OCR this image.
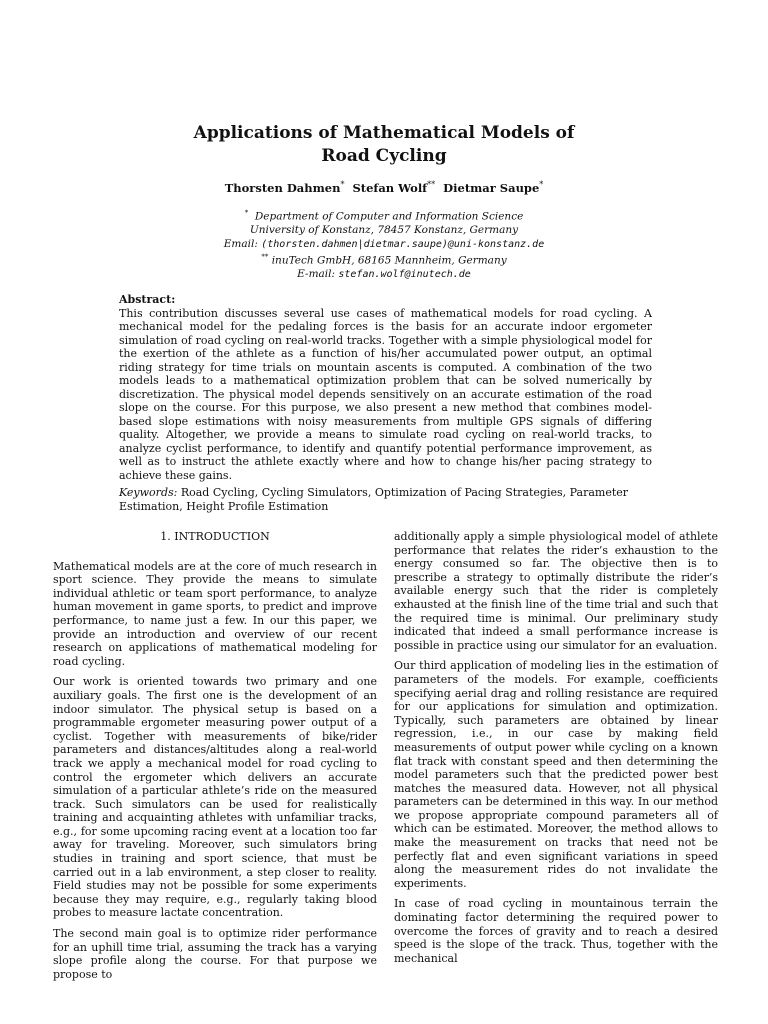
Applications of Mathematical Models of
Road Cycling
Thorsten Dahmen* Stefan Wolf** Dietmar Saupe*
* Department of Computer and Information Science
University of Konstanz, 78457 Konstanz, Germany
Email: (thorsten.dahmen|dietmar.saupe)@uni-konstanz.de
** inuTech GmbH, 68165 Mannheim, Germany
E-mail: stefan.wolf@inutech.de
Abstract:
This contribution discusses several use cases of mathematical models for road cycling. A mechanical model for the pedaling forces is the basis for an accurate indoor ergometer simulation of road cycling on real-world tracks. Together with a simple physiological model for the exertion of the athlete as a function of his/her accumulated power output, an optimal riding strategy for time trials on mountain ascents is computed. A combination of the two models leads to a mathematical optimization problem that can be solved numerically by discretization. The physical model depends sensitively on an accurate estimation of the road slope on the course. For this purpose, we also present a new method that combines model-based slope estimations with noisy measurements from multiple GPS signals of differing quality. Altogether, we provide a means to simulate road cycling on real-world tracks, to analyze cyclist performance, to identify and quantify potential performance improvement, as well as to instruct the athlete exactly where and how to change his/her pacing strategy to achieve these gains.
Keywords: Road Cycling, Cycling Simulators, Optimization of Pacing Strategies, Parameter Estimation, Height Profile Estimation
1. INTRODUCTION

Mathematical models are at the core of much research in sport science. They provide the means to simulate individual athletic or team sport performance, to analyze human movement in game sports, to predict and improve performance, to name just a few. In our this paper, we provide an introduction and overview of our recent research on applications of mathematical modeling for road cycling.

Our work is oriented towards two primary and one auxiliary goals. The first one is the development of an indoor simulator. The physical setup is based on a programmable ergometer measuring power output of a cyclist. Together with measurements of bike/rider parameters and distances/altitudes along a real-world track we apply a mechanical model for road cycling to control the ergometer which delivers an accurate simulation of a particular athlete’s ride on the measured track. Such simulators can be used for realistically training and acquainting athletes with unfamiliar tracks, e.g., for some upcoming racing event at a location too far away for traveling. Moreover, such simulators bring studies in training and sport science, that must be carried out in a lab environment, a step closer to reality. Field studies may not be possible for some experiments because they may require, e.g., regularly taking blood probes to measure lactate concentration.

The second main goal is to optimize rider performance for an uphill time trial, assuming the track has a varying slope profile along the course. For that purpose we propose to

additionally apply a simple physiological model of athlete performance that relates the rider’s exhaustion to the energy consumed so far. The objective then is to prescribe a strategy to optimally distribute the rider’s available energy such that the rider is completely exhausted at the finish line of the time trial and such that the required time is minimal. Our preliminary study indicated that indeed a small performance increase is possible in practice using our simulator for an evaluation.

Our third application of modeling lies in the estimation of parameters of the models. For example, coefficients specifying aerial drag and rolling resistance are required for our applications for simulation and optimization. Typically, such parameters are obtained by linear regression, i.e., in our case by making field measurements of output power while cycling on a known flat track with constant speed and then determining the model parameters such that the predicted power best matches the measured data. However, not all physical parameters can be determined in this way. In our method we propose appropriate compound parameters all of which can be estimated. Moreover, the method allows to make the measurement on tracks that need not be perfectly flat and even significant variations in speed along the measurement rides do not invalidate the experiments.

In case of road cycling in mountainous terrain the dominating factor determining the required power to overcome the forces of gravity and to reach a desired speed is the slope of the track. Thus, together with the mechanical
